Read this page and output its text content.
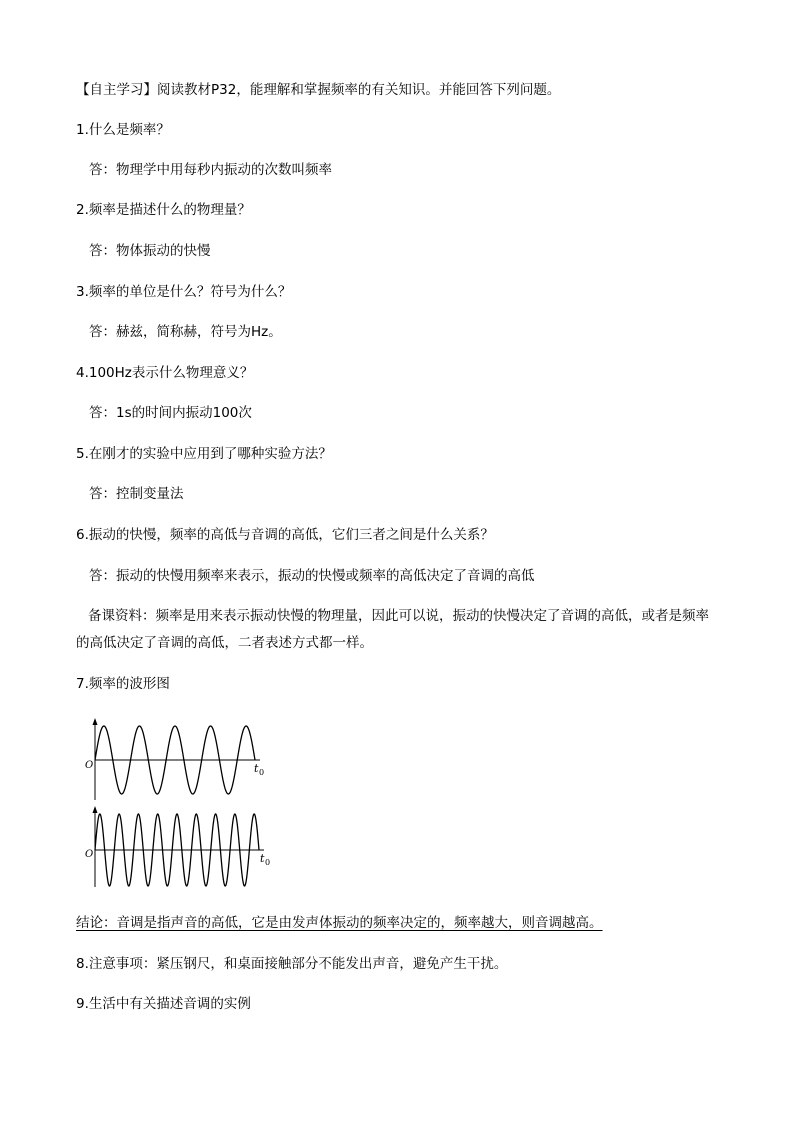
【自主学习】阅读教材P32，能理解和掌握频率的有关知识。并能回答下列问题。
1.什么是频率？
答：物理学中用每秒内振动的次数叫频率
2.频率是描述什么的物理量？
答：物体振动的快慢
3.频率的单位是什么？符号为什么？
答：赫兹，简称赫，符号为Hz。
4.100Hz表示什么物理意义？
答：1s的时间内振动100次
5.在刚才的实验中应用到了哪种实验方法？
答：控制变量法
6.振动的快慢，频率的高低与音调的高低，它们三者之间是什么关系？
答：振动的快慢用频率来表示，振动的快慢或频率的高低决定了音调的高低
备课资料：频率是用来表示振动快慢的物理量，因此可以说，振动的快慢决定了音调的高低，或者是频率的高低决定了音调的高低，二者表述方式都一样。
7.频率的波形图
O	t 0
O	t 0
结论：音调是指声音的高低，它是由发声体振动的频率决定的，频率越大，则音调越高。
8.注意事项：紧压钢尺，和桌面接触部分不能发出声音，避免产生干扰。
9.生活中有关描述音调的实例
